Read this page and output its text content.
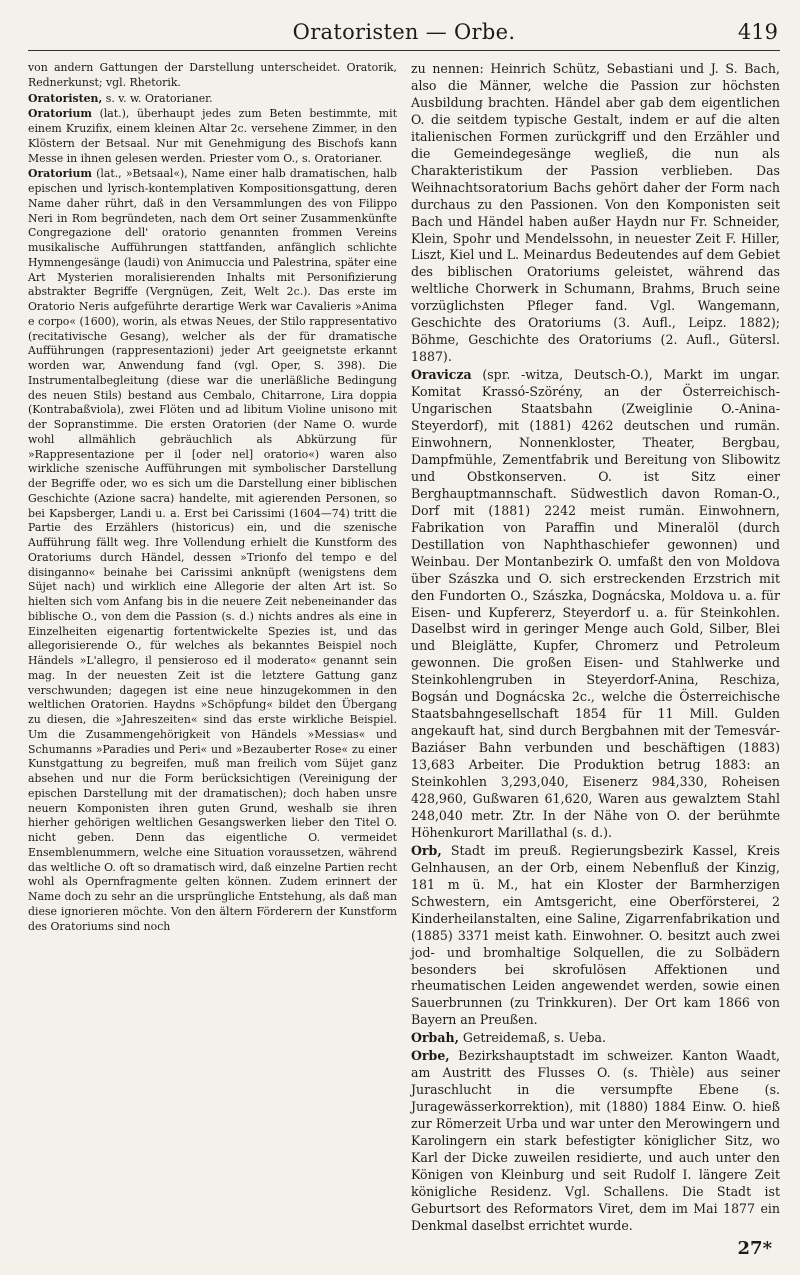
Oratoristen — Orbe.	419

von andern Gattungen der Darstellung unterscheidet. Oratorik, Rednerkunst; vgl. Rhetorik.

Oratoristen, s. v. w. Oratorianer.

Oratorium (lat.), überhaupt jedes zum Beten bestimmte, mit einem Kruzifix, einem kleinen Altar 2c. versehene Zimmer, in den Klöstern der Betsaal. Nur mit Genehmigung des Bischofs kann Messe in ihnen gelesen werden. Priester vom O., s. Oratorianer.

Oratorium (lat., »Betsaal«), Name einer halb dramatischen, halb epischen und lyrisch-kontemplativen Kompositionsgattung, deren Name daher rührt, daß in den Versammlungen des von Filippo Neri in Rom begründeten, nach dem Ort seiner Zusammenkünfte Congregazione dell' oratorio genannten frommen Vereins musikalische Aufführungen stattfanden, anfänglich schlichte Hymnengesänge (laudi) von Animuccia und Palestrina, später eine Art Mysterien moralisierenden Inhalts mit Personifizierung abstrakter Begriffe (Vergnügen, Zeit, Welt 2c.). Das erste im Oratorio Neris aufgeführte derartige Werk war Cavalieris »Anima e corpo« (1600), worin, als etwas Neues, der Stilo rappresentativo (recitativische Gesang), welcher als der für dramatische Aufführungen (rappresentazioni) jeder Art geeignetste erkannt worden war, Anwendung fand (vgl. Oper, S. 398). Die Instrumentalbegleitung (diese war die unerläßliche Bedingung des neuen Stils) bestand aus Cembalo, Chitarrone, Lira doppia (Kontrabaßviola), zwei Flöten und ad libitum Violine unisono mit der Sopranstimme. Die ersten Oratorien (der Name O. wurde wohl allmählich gebräuchlich als Abkürzung für »Rappresentazione per il [oder nel] oratorio«) waren also wirkliche szenische Aufführungen mit symbolischer Darstellung der Begriffe oder, wo es sich um die Darstellung einer biblischen Geschichte (Azione sacra) handelte, mit agierenden Personen, so bei Kapsberger, Landi u. a. Erst bei Carissimi (1604—74) tritt die Partie des Erzählers (historicus) ein, und die szenische Aufführung fällt weg. Ihre Vollendung erhielt die Kunstform des Oratoriums durch Händel, dessen »Trionfo del tempo e del disinganno« beinahe bei Carissimi anknüpft (wenigstens dem Süjet nach) und wirklich eine Allegorie der alten Art ist. So hielten sich vom Anfang bis in die neuere Zeit nebeneinander das biblische O., von dem die Passion (s. d.) nichts andres als eine in Einzelheiten eigenartig fortentwickelte Spezies ist, und das allegorisierende O., für welches als bekanntes Beispiel noch Händels »L'allegro, il pensieroso ed il moderato« genannt sein mag. In der neuesten Zeit ist die letztere Gattung ganz verschwunden; dagegen ist eine neue hinzugekommen in den weltlichen Oratorien. Haydns »Schöpfung« bildet den Übergang zu diesen, die »Jahreszeiten« sind das erste wirkliche Beispiel. Um die Zusammengehörigkeit von Händels »Messias« und Schumanns »Paradies und Peri« und »Bezauberter Rose« zu einer Kunstgattung zu begreifen, muß man freilich vom Süjet ganz absehen und nur die Form berücksichtigen (Vereinigung der epischen Darstellung mit der dramatischen); doch haben unsre neuern Komponisten ihren guten Grund, weshalb sie ihren hierher gehörigen weltlichen Gesangswerken lieber den Titel O. nicht geben. Denn das eigentliche O. vermeidet Ensemblenummern, welche eine Situation voraussetzen, während das weltliche O. oft so dramatisch wird, daß einzelne Partien recht wohl als Opernfragmente gelten können. Zudem erinnert der Name doch zu sehr an die ursprüngliche Entstehung, als daß man diese ignorieren möchte. Von den ältern Förderern der Kunstform des Oratoriums sind noch

zu nennen: Heinrich Schütz, Sebastiani und J. S. Bach, also die Männer, welche die Passion zur höchsten Ausbildung brachten. Händel aber gab dem eigentlichen O. die seitdem typische Gestalt, indem er auf die alten italienischen Formen zurückgriff und den Erzähler und die Gemeindegesänge wegließ, die nun als Charakteristikum der Passion verblieben. Das Weihnachtsoratorium Bachs gehört daher der Form nach durchaus zu den Passionen. Von den Komponisten seit Bach und Händel haben außer Haydn nur Fr. Schneider, Klein, Spohr und Mendelssohn, in neuester Zeit F. Hiller, Liszt, Kiel und L. Meinardus Bedeutendes auf dem Gebiet des biblischen Oratoriums geleistet, während das weltliche Chorwerk in Schumann, Brahms, Bruch seine vorzüglichsten Pfleger fand. Vgl. Wangemann, Geschichte des Oratoriums (3. Aufl., Leipz. 1882); Böhme, Geschichte des Oratoriums (2. Aufl., Gütersl. 1887).

Oravicza (spr. -witza, Deutsch-O.), Markt im ungar. Komitat Krassó-Szörény, an der Österreichisch-Ungarischen Staatsbahn (Zweiglinie O.-Anina-Steyerdorf), mit (1881) 4262 deutschen und rumän. Einwohnern, Nonnenkloster, Theater, Bergbau, Dampfmühle, Zementfabrik und Bereitung von Slibowitz und Obstkonserven. O. ist Sitz einer Berghauptmannschaft. Südwestlich davon Roman-O., Dorf mit (1881) 2242 meist rumän. Einwohnern, Fabrikation von Paraffin und Mineralöl (durch Destillation von Naphthaschiefer gewonnen) und Weinbau. Der Montanbezirk O. umfaßt den von Moldova über Szászka und O. sich erstreckenden Erzstrich mit den Fundorten O., Szászka, Dognácska, Moldova u. a. für Eisen- und Kupfererz, Steyerdorf u. a. für Steinkohlen. Daselbst wird in geringer Menge auch Gold, Silber, Blei und Bleiglätte, Kupfer, Chromerz und Petroleum gewonnen. Die großen Eisen- und Stahlwerke und Steinkohlengruben in Steyerdorf-Anina, Reschiza, Bogsán und Dognácska 2c., welche die Österreichische Staatsbahngesellschaft 1854 für 11 Mill. Gulden angekauft hat, sind durch Bergbahnen mit der Temesvár-Baziáser Bahn verbunden und beschäftigen (1883) 13,683 Arbeiter. Die Produktion betrug 1883: an Steinkohlen 3,293,040, Eisenerz 984,330, Roheisen 428,960, Gußwaren 61,620, Waren aus gewalztem Stahl 248,040 metr. Ztr. In der Nähe von O. der berühmte Höhenkurort Marillathal (s. d.).

Orb, Stadt im preuß. Regierungsbezirk Kassel, Kreis Gelnhausen, an der Orb, einem Nebenfluß der Kinzig, 181 m ü. M., hat ein Kloster der Barmherzigen Schwestern, ein Amtsgericht, eine Oberförsterei, 2 Kinderheilanstalten, eine Saline, Zigarrenfabrikation und (1885) 3371 meist kath. Einwohner. O. besitzt auch zwei jod- und bromhaltige Solquellen, die zu Solbädern besonders bei skrofulösen Affektionen und rheumatischen Leiden angewendet werden, sowie einen Sauerbrunnen (zu Trinkkuren). Der Ort kam 1866 von Bayern an Preußen.

Orbah, Getreidemaß, s. Ueba.

Orbe, Bezirkshauptstadt im schweizer. Kanton Waadt, am Austritt des Flusses O. (s. Thièle) aus seiner Juraschlucht in die versumpfte Ebene (s. Juragewässerkorrektion), mit (1880) 1884 Einw. O. hieß zur Römerzeit Urba und war unter den Merowingern und Karolingern ein stark befestigter königlicher Sitz, wo Karl der Dicke zuweilen residierte, und auch unter den Königen von Kleinburg und seit Rudolf I. längere Zeit königliche Residenz. Vgl. Schallens. Die Stadt ist Geburtsort des Reformators Viret, dem im Mai 1877 ein Denkmal daselbst errichtet wurde.

27*
